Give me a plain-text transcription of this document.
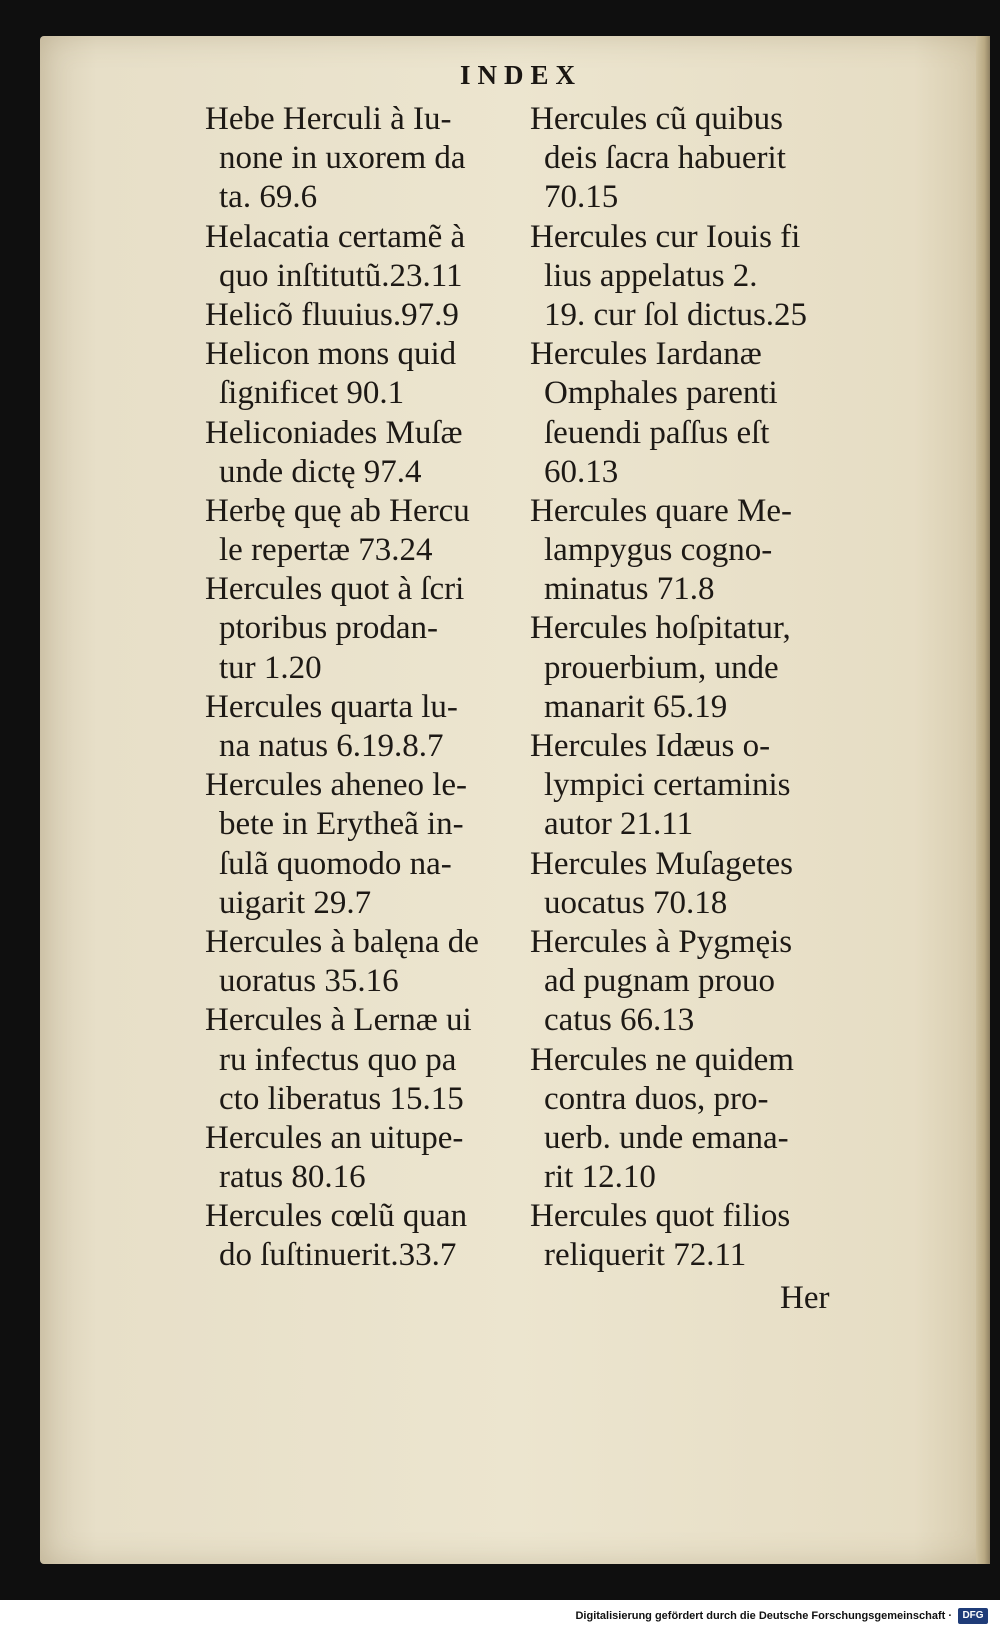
INDEX
Hebe Herculi à Iu-
none in uxorem da
ta. 69.6
Helacatia certamẽ à
quo inſtitutũ.23.11
Helicõ fluuius.97.9
Helicon mons quid
ſignificet 90.1
Heliconiades Muſæ
unde dictę 97.4
Herbę quę ab Hercu
le repertæ 73.24
Hercules quot à ſcri
ptoribus prodan-
tur 1.20
Hercules quarta lu-
na natus 6.19.8.7
Hercules aheneo le-
bete in Erytheã in-
ſulã quomodo na-
uigarit 29.7
Hercules à balęna de
uoratus 35.16
Hercules à Lernæ ui
ru infectus quo pa
cto liberatus 15.15
Hercules an uitupe-
ratus 80.16
Hercules cœlũ quan
do ſuſtinuerit.33.7
Hercules cũ quibus
deis ſacra habuerit
70.15
Hercules cur Iouis fi
lius appelatus 2.
19. cur ſol dictus.25
Hercules Iardanæ
Omphales parenti
ſeuendi paſſus eſt
60.13
Hercules quare Me-
lampygus cogno-
minatus 71.8
Hercules hoſpitatur,
prouerbium, unde
manarit 65.19
Hercules Idæus o-
lympici certaminis
autor 21.11
Hercules Muſagetes
uocatus 70.18
Hercules à Pygmęis
ad pugnam prouo
catus 66.13
Hercules ne quidem
contra duos, pro-
uerb. unde emana-
rit 12.10
Hercules quot filios
reliquerit 72.11
Her
Digitalisierung gefördert durch die Deutsche Forschungsgemeinschaft ·	DFG
